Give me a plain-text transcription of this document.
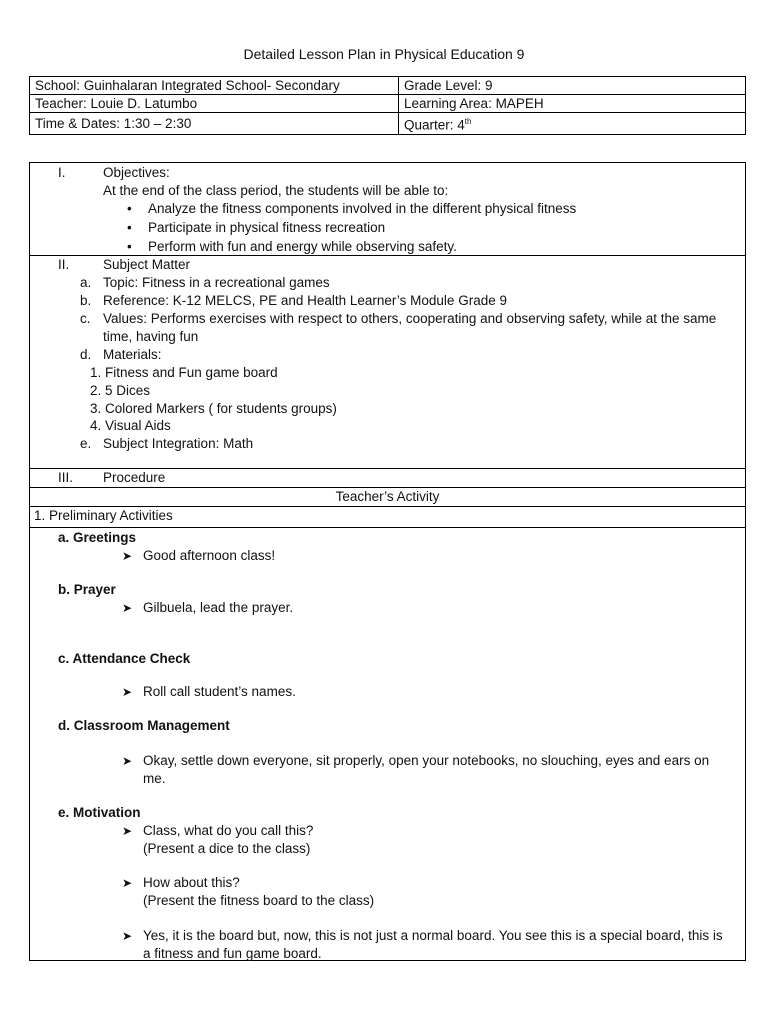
Detailed Lesson Plan in Physical Education 9
School: Guinhalaran Integrated School- Secondary	Grade Level: 9
Teacher: Louie D. Latumbo	Learning Area: MAPEH
Time & Dates: 1:30 – 2:30	Quarter: 4th
I.	Objectives:
At the end of the class period, the students will be able to:
• Analyze the fitness components involved in the different physical fitness
• Participate in physical fitness recreation
• Perform with fun and energy while observing safety.
II. Subject Matter
a. Topic: Fitness in a recreational games
b. Reference: K-12 MELCS, PE and Health Learner’s Module Grade 9
c. Values: Performs exercises with respect to others, cooperating and observing safety, while at the same time, having fun
d. Materials:
1. Fitness and Fun game board
2. 5 Dices
3. Colored Markers ( for students groups)
4. Visual Aids
e. Subject Integration: Math
III. Procedure
Teacher’s Activity
1. Preliminary Activities
a. Greetings
➤ Good afternoon class!
b. Prayer
➤ Gilbuela, lead the prayer.
c. Attendance Check
➤ Roll call student’s names.
d. Classroom Management
➤ Okay, settle down everyone, sit properly, open your notebooks, no slouching, eyes and ears on me.
e. Motivation
➤ Class, what do you call this?
(Present a dice to the class)
➤ How about this?
(Present the fitness board to the class)
➤ Yes, it is the board but, now, this is not just a normal board. You see this is a special board, this is a fitness and fun game board.
